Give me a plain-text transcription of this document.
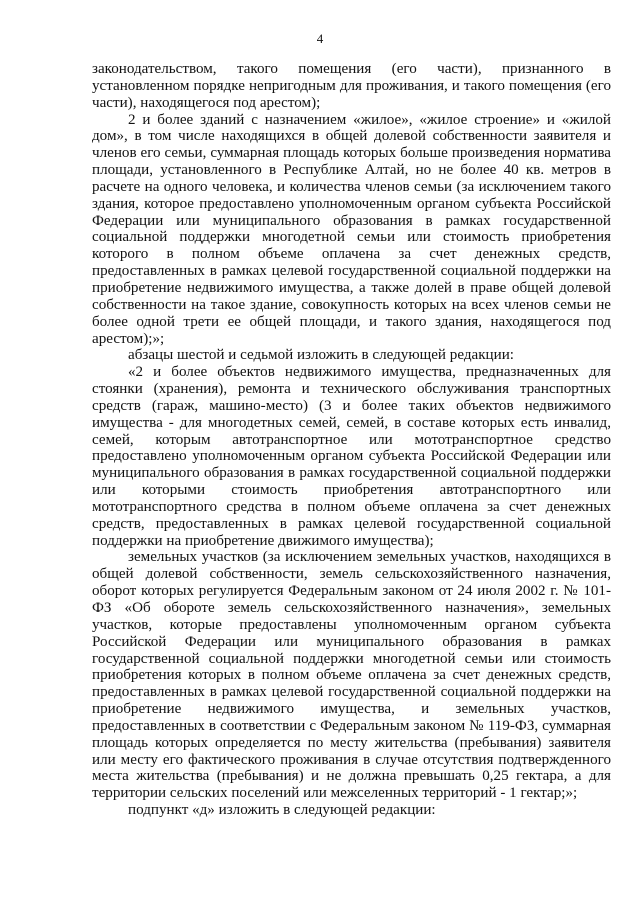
4

законодательством, такого помещения (его части), признанного в установленном порядке непригодным для проживания, и такого помещения (его части), находящегося под арестом);

2 и более зданий с назначением «жилое», «жилое строение» и «жилой дом», в том числе находящихся в общей долевой собственности заявителя и членов его семьи, суммарная площадь которых больше произведения норматива площади, установленного в Республике Алтай, но не более 40 кв. метров в расчете на одного человека, и количества членов семьи (за исключением такого здания, которое предоставлено уполномоченным органом субъекта Российской Федерации или муниципального образования в рамках государственной социальной поддержки многодетной семьи или стоимость приобретения которого в полном объеме оплачена за счет денежных средств, предоставленных в рамках целевой государственной социальной поддержки на приобретение недвижимого имущества, а также долей в праве общей долевой собственности на такое здание, совокупность которых на всех членов семьи не более одной трети ее общей площади, и такого здания, находящегося под арестом);»;

абзацы шестой и седьмой изложить в следующей редакции:

«2 и более объектов недвижимого имущества, предназначенных для стоянки (хранения), ремонта и технического обслуживания транспортных средств (гараж, машино-место) (3 и более таких объектов недвижимого имущества - для многодетных семей, семей, в составе которых есть инвалид, семей, которым автотранспортное или мототранспортное средство предоставлено уполномоченным органом субъекта Российской Федерации или муниципального образования в рамках государственной социальной поддержки или которыми стоимость приобретения автотранспортного или мототранспортного средства в полном объеме оплачена за счет денежных средств, предоставленных в рамках целевой государственной социальной поддержки на приобретение движимого имущества);

земельных участков (за исключением земельных участков, находящихся в общей долевой собственности, земель сельскохозяйственного назначения, оборот которых регулируется Федеральным законом от 24 июля 2002 г. № 101-ФЗ «Об обороте земель сельскохозяйственного назначения», земельных участков, которые предоставлены уполномоченным органом субъекта Российской Федерации или муниципального образования в рамках государственной социальной поддержки многодетной семьи или стоимость приобретения которых в полном объеме оплачена за счет денежных средств, предоставленных в рамках целевой государственной социальной поддержки на приобретение недвижимого имущества, и земельных участков, предоставленных в соответствии с Федеральным законом № 119-ФЗ, суммарная площадь которых определяется по месту жительства (пребывания) заявителя или месту его фактического проживания в случае отсутствия подтвержденного места жительства (пребывания) и не должна превышать 0,25 гектара, а для территории сельских поселений или межселенных территорий - 1 гектар;»;

подпункт «д» изложить в следующей редакции:
